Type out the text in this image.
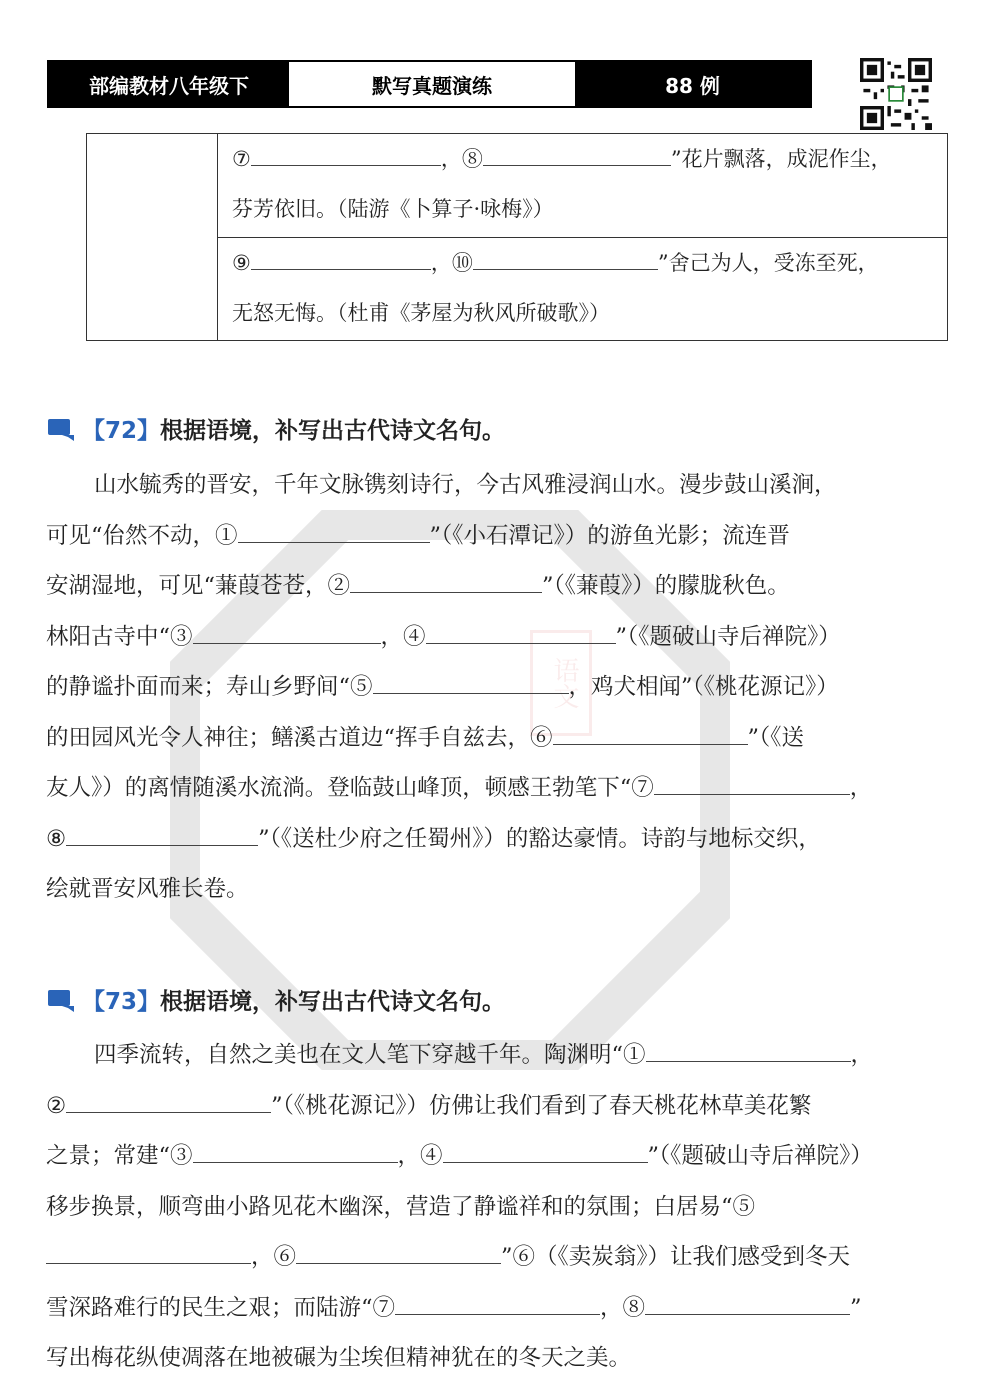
语文
部编教材八年级下	默写真题演练	88 例
⑦	，⑧	”花片飘落，成泥作尘，
芬芳依旧。（陆游《卜算子·咏梅》）
⑨	，⑩	”舍己为人，受冻至死，
无怒无悔。（杜甫《茅屋为秋风所破歌》）
【72】 根据语境，补写出古代诗文名句。

山水毓秀的晋安，千年文脉镌刻诗行，今古风雅浸润山水。漫步鼓山溪涧，

可见“佁然不动，①	”（《小石潭记》）的游鱼光影；流连晋

安湖湿地，可见“蒹葭苍苍，②	”（《蒹葭》）的朦胧秋色。

林阳古寺中“③	，④	”（《题破山寺后禅院》）

的静谧扑面而来；寿山乡野间“⑤	，鸡犬相闻”（《桃花源记》）

的田园风光令人神往；鳝溪古道边“挥手自兹去，⑥	”（《送

友人》）的离情随溪水流淌。登临鼓山峰顶，顿感王勃笔下“⑦	，

⑧	”（《送杜少府之任蜀州》）的豁达豪情。诗韵与地标交织，

绘就晋安风雅长卷。

【73】 根据语境，补写出古代诗文名句。

四季流转，自然之美也在文人笔下穿越千年。陶渊明“①	，

②	”（《桃花源记》）仿佛让我们看到了春天桃花林草美花繁

之景；常建“③	，④	”（《题破山寺后禅院》）

移步换景，顺弯曲小路见花木幽深，营造了静谧祥和的氛围；白居易“⑤

，⑥	”⑥（《卖炭翁》）让我们感受到冬天

雪深路难行的民生之艰；而陆游“⑦	，⑧	”

写出梅花纵使凋落在地被碾为尘埃但精神犹在的冬天之美。
